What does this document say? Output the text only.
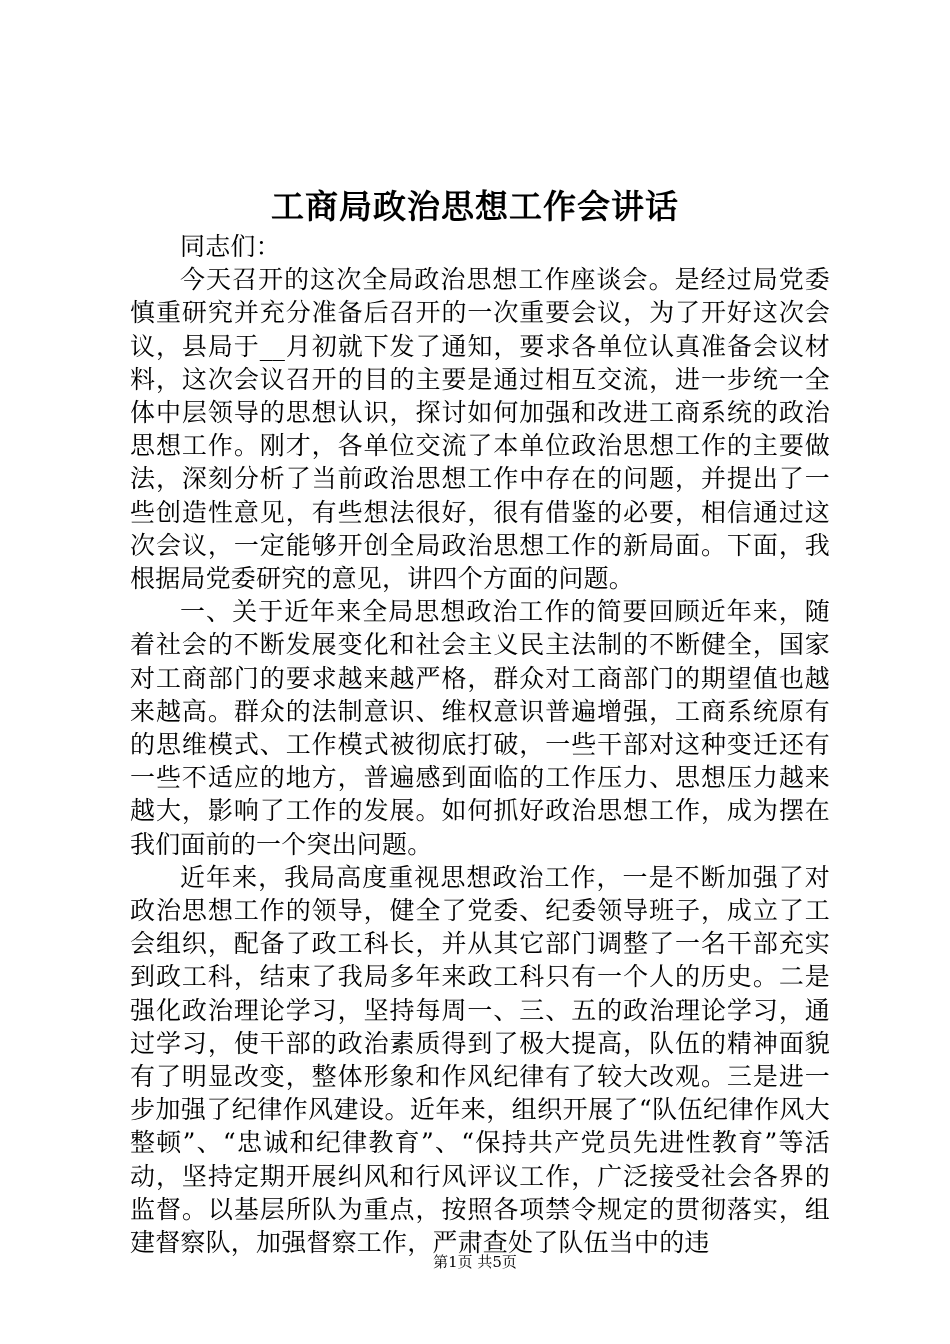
工商局政治思想工作会讲话

同志们：

今天召开的这次全局政治思想工作座谈会。是经过局党委慎重研究并充分准备后召开的一次重要会议，为了开好这次会议，县局于__月初就下发了通知，要求各单位认真准备会议材料，这次会议召开的目的主要是通过相互交流，进一步统一全体中层领导的思想认识，探讨如何加强和改进工商系统的政治思想工作。刚才，各单位交流了本单位政治思想工作的主要做法，深刻分析了当前政治思想工作中存在的问题，并提出了一些创造性意见，有些想法很好，很有借鉴的必要，相信通过这次会议，一定能够开创全局政治思想工作的新局面。下面，我根据局党委研究的意见，讲四个方面的问题。

一、关于近年来全局思想政治工作的简要回顾近年来，随着社会的不断发展变化和社会主义民主法制的不断健全，国家对工商部门的要求越来越严格，群众对工商部门的期望值也越来越高。群众的法制意识、维权意识普遍增强，工商系统原有的思维模式、工作模式被彻底打破，一些干部对这种变迁还有一些不适应的地方，普遍感到面临的工作压力、思想压力越来越大，影响了工作的发展。如何抓好政治思想工作，成为摆在我们面前的一个突出问题。

近年来，我局高度重视思想政治工作，一是不断加强了对政治思想工作的领导，健全了党委、纪委领导班子，成立了工会组织，配备了政工科长，并从其它部门调整了一名干部充实到政工科，结束了我局多年来政工科只有一个人的历史。二是强化政治理论学习，坚持每周一、三、五的政治理论学习，通过学习，使干部的政治素质得到了极大提高，队伍的精神面貌有了明显改变，整体形象和作风纪律有了较大改观。三是进一步加强了纪律作风建设。近年来，组织开展了“队伍纪律作风大整顿”、“忠诚和纪律教育”、“保持共产党员先进性教育”等活动，坚持定期开展纠风和行风评议工作，广泛接受社会各界的监督。以基层所队为重点，按照各项禁令规定的贯彻落实，组建督察队，加强督察工作，严肃查处了队伍当中的违

第1页 共5页
